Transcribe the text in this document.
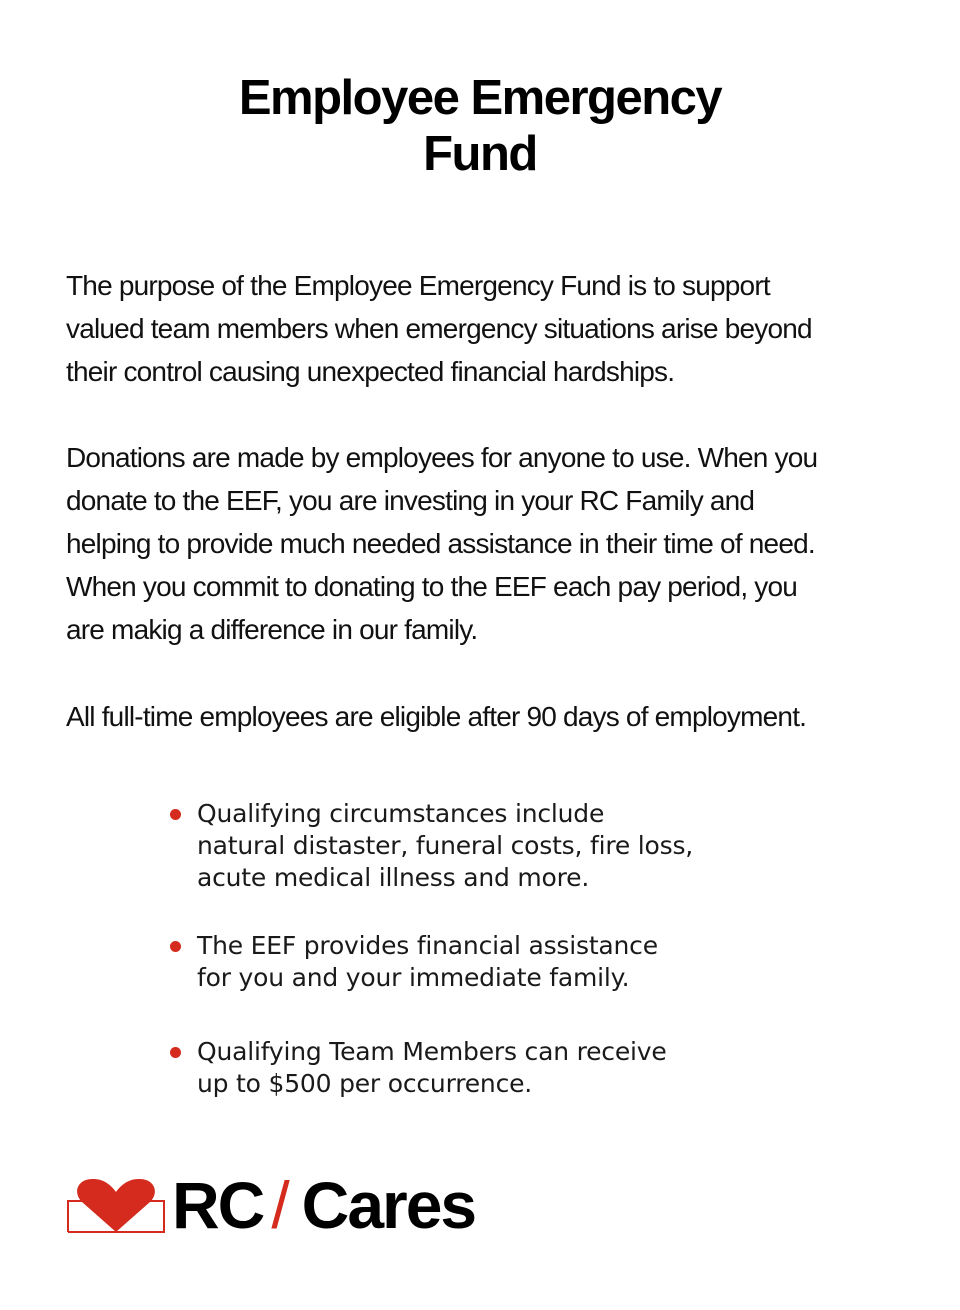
Employee Emergency
Fund
The purpose of the Employee Emergency Fund is to support
valued team members when emergency situations arise beyond
their control causing unexpected financial hardships.
Donations are made by employees for anyone to use. When you
donate to the EEF, you are investing in your RC Family and
helping to provide much needed assistance in their time of need.
When you commit to donating to the EEF each pay period, you
are makig a difference in our family.
All full-time employees are eligible after 90 days of employment.
Qualifying circumstances include
natural distaster, funeral costs, fire loss,
acute medical illness and more.
The EEF provides financial assistance
for you and your immediate family.
Qualifying Team Members can receive
up to $500 per occurrence.
RC / Cares
